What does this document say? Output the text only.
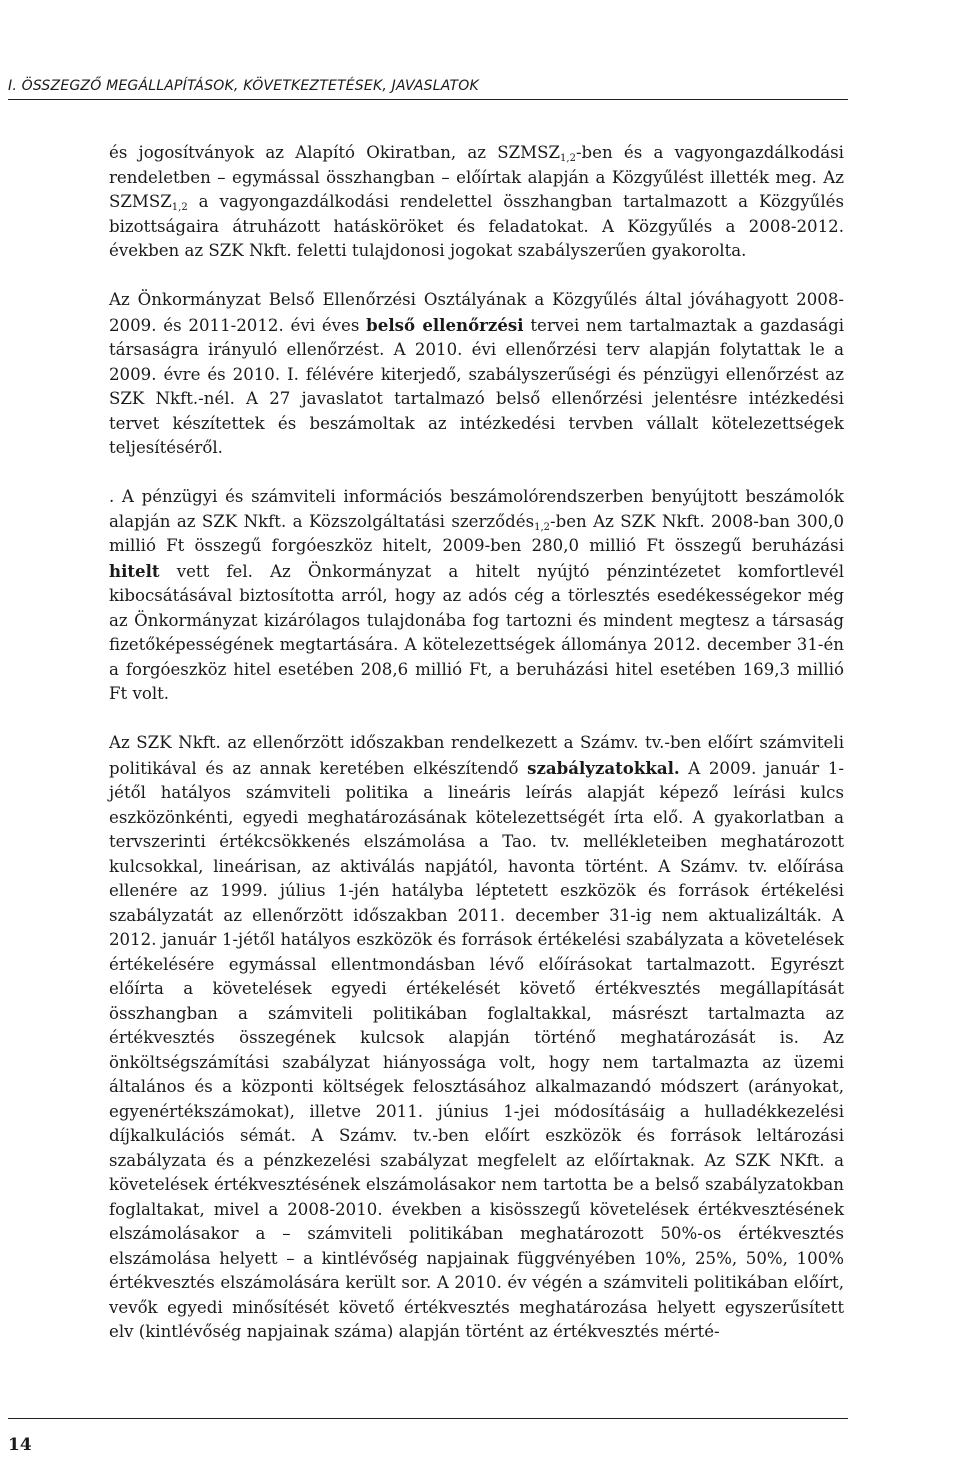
I. ÖSSZEGZŐ MEGÁLLAPÍTÁSOK, KÖVETKEZTETÉSEK, JAVASLATOK

és jogosítványok az Alapító Okiratban, az $SZMSZ_{1,2}$-ben és a vagyongazdálkodási rendeletben – egymással összhangban – előírtak alapján a Közgyűlést illették meg. Az $SZMSZ_{1,2}$ a vagyongazdálkodási rendelettel összhangban tartalmazott a Közgyűlés bizottságaira átruházott hatásköröket és feladatokat. A Közgyűlés a 2008-2012. években az SZK Nkft. feletti tulajdonosi jogokat szabályszerűen gyakorolta.

Az Önkormányzat Belső Ellenőrzési Osztályának a Közgyűlés által jóváhagyott 2008-2009. és 2011-2012. évi éves belső ellenőrzési tervei nem tartalmaztak a gazdasági társaságra irányuló ellenőrzést. A 2010. évi ellenőrzési terv alapján folytattak le a 2009. évre és 2010. I. félévére kiterjedő, szabályszerűségi és pénzügyi ellenőrzést az SZK Nkft.-nél. A 27 javaslatot tartalmazó belső ellenőrzési jelentésre intézkedési tervet készítettek és beszámoltak az intézkedési tervben vállalt kötelezettségek teljesítéséről.

. A pénzügyi és számviteli információs beszámolórendszerben benyújtott beszámolók alapján az SZK Nkft. a Közszolgáltatási szerződés$_{1,2}$-ben Az SZK Nkft. 2008-ban 300,0 millió Ft összegű forgóeszköz hitelt, 2009-ben 280,0 millió Ft összegű beruházási hitelt vett fel. Az Önkormányzat a hitelt nyújtó pénzintézetet komfortlevél kibocsátásával biztosította arról, hogy az adós cég a törlesztés esedékességekor még az Önkormányzat kizárólagos tulajdonába fog tartozni és mindent megtesz a társaság fizetőképességének megtartására. A kötelezettségek állománya 2012. december 31-én a forgóeszköz hitel esetében 208,6 millió Ft, a beruházási hitel esetében 169,3 millió Ft volt.

Az SZK Nkft. az ellenőrzött időszakban rendelkezett a Számv. tv.-ben előírt számviteli politikával és az annak keretében elkészítendő szabályzatokkal. A 2009. január 1-jétől hatályos számviteli politika a lineáris leírás alapját képező leírási kulcs eszközönkénti, egyedi meghatározásának kötelezettségét írta elő. A gyakorlatban a tervszerinti értékcsökkenés elszámolása a Tao. tv. mellékleteiben meghatározott kulcsokkal, lineárisan, az aktiválás napjától, havonta történt. A Számv. tv. előírása ellenére az 1999. július 1-jén hatályba léptetett eszközök és források értékelési szabályzatát az ellenőrzött időszakban 2011. december 31-ig nem aktualizálták. A 2012. január 1-jétől hatályos eszközök és források értékelési szabályzata a követelések értékelésére egymással ellentmondásban lévő előírásokat tartalmazott. Egyrészt előírta a követelések egyedi értékelését követő értékvesztés megállapítását összhangban a számviteli politikában foglaltakkal, másrészt tartalmazta az értékvesztés összegének kulcsok alapján történő meghatározását is. Az önköltségszámítási szabályzat hiányossága volt, hogy nem tartalmazta az üzemi általános és a központi költségek felosztásához alkalmazandó módszert (arányokat, egyenértékszámokat), illetve 2011. június 1-jei módosításáig a hulladékkezelési díjkalkulációs sémát. A Számv. tv.-ben előírt eszközök és források leltározási szabályzata és a pénzkezelési szabályzat megfelelt az előírtaknak. Az SZK NKft. a követelések értékvesztésének elszámolásakor nem tartotta be a belső szabályzatokban foglaltakat, mivel a 2008-2010. években a kisösszegű követelések értékvesztésének elszámolásakor a – számviteli politikában meghatározott 50%-os értékvesztés elszámolása helyett – a kintlévőség napjainak függvényében 10%, 25%, 50%, 100% értékvesztés elszámolására került sor. A 2010. év végén a számviteli politikában előírt, vevők egyedi minősítését követő értékvesztés meghatározása helyett egyszerűsített elv (kintlévőség napjainak száma) alapján történt az értékvesztés mérté-

14
